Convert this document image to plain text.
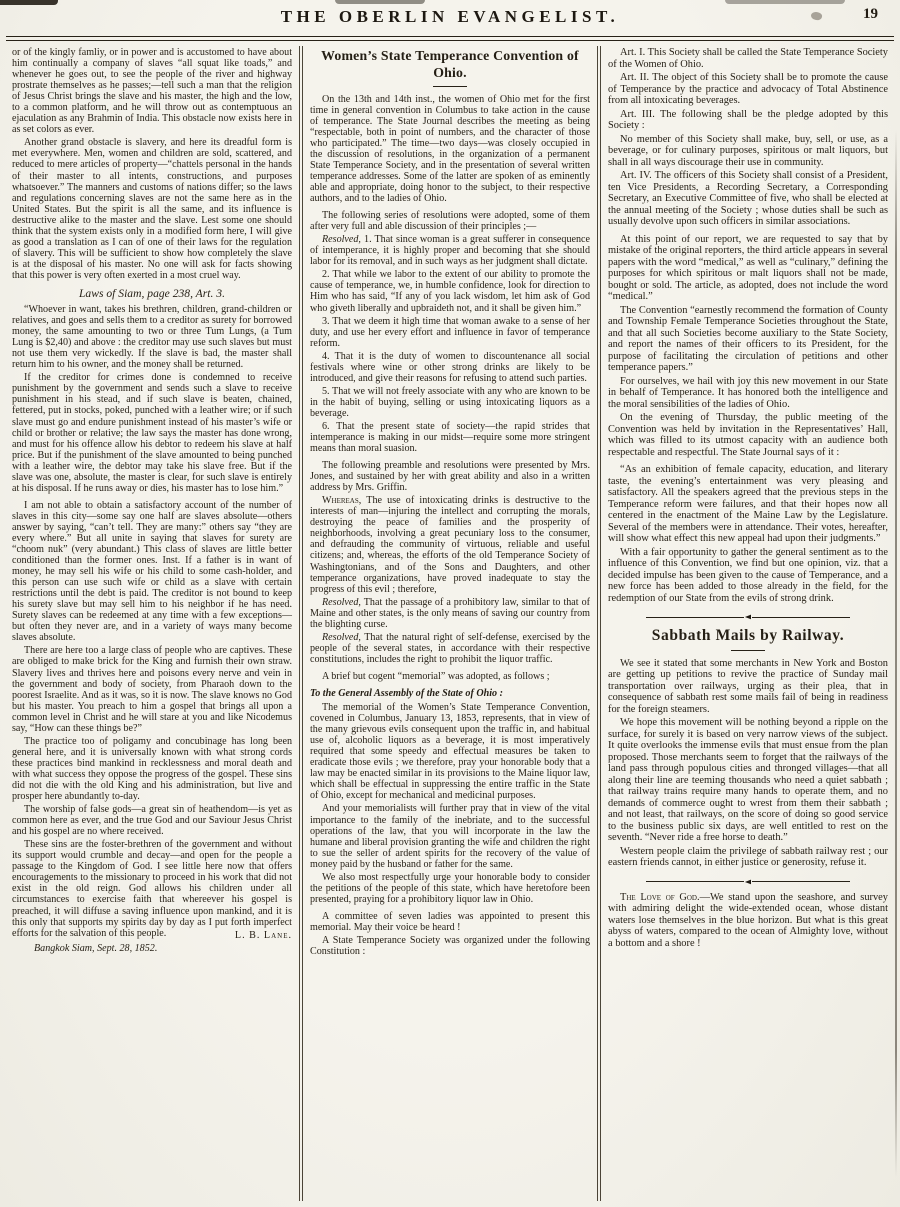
THE OBERLIN EVANGELIST.	19

or of the kingly famliy, or in power and is accustomed to have about him continually a company of slaves “all squat like toads,” and whenever he goes out, to see the people of the river and highway prostrate themselves as he passes;—tell such a man that the religion of Jesus Christ brings the slave and his master, the high and the low, to a common platform, and he will throw out as contemptuous an ejaculation as any Brahmin of India. This obstacle now exists here in as set colors as ever.

Another grand obstacle is slavery, and here its dreadful form is met everywhere. Men, women and children are sold, scattered, and reduced to mere articles of property—“chattels personal in the hands of their master to all intents, constructions, and purposes whatsoever.” The manners and customs of nations differ; so the laws and regulations concerning slaves are not the same here as in the United States. But the spirit is all the same, and its influence is destructive alike to the master and the slave. Lest some one should think that the system exists only in a modified form here, I will give as good a translation as I can of one of their laws for the regulation of slavery. This will be sufficient to show how completely the slave is at the disposal of his master. No one will ask for facts showing that this power is very often exerted in a most cruel way.

Laws of Siam, page 238, Art. 3.

“Whoever in want, takes his brethren, children, grand-children or relatives, and goes and sells them to a creditor as surety for borrowed money, the same amounting to two or three Tum Lungs, (a Tum Lung is $2,40) and above : the creditor may use such slaves but must not use them very wickedly. If the slave is bad, the master shall return him to his owner, and the money shall be returned.

If the creditor for crimes done is condemned to receive punishment by the government and sends such a slave to receive punishment in his stead, and if such slave is beaten, chained, fettered, put in stocks, poked, punched with a leather wire; or if such slave must go and endure punishment instead of his master’s wife or child or brother or relative; the law says the master has done wrong, and must for his offence allow his debtor to redeem his slave at half price. But if the punishment of the slave amounted to being punched with a leather wire, the debtor may take his slave free. But if the slave was one, absolute, the master is clear, for such slave is entirely at his disposal. If he runs away or dies, his master has to lose him.”

I am not able to obtain a satisfactory account of the number of slaves in this city—some say one half are slaves absolute—others answer by saying, “can’t tell. They are many:” others say “they are every where.” But all unite in saying that slaves for surety are “choom nuk” (very abundant.) This class of slaves are little better conditioned than the former ones. Inst. If a father is in want of money, he may sell his wife or his child to some cash-holder, and this person can use such wife or child as a slave with certain restrictions until the debt is paid. The creditor is not bound to keep his surety slave but may sell him to his neighbor if he has need. Surety slaves can be redeemed at any time with a few exceptions—but often they never are, and in a variety of ways many become slaves absolute.

There are here too a large class of people who are captives. These are obliged to make brick for the King and furnish their own straw. Slavery lives and thrives here and poisons every nerve and vein in the government and body of society, from Pharaoh down to the poorest Israelite. And as it was, so it is now. The slave knows no God but his master. You preach to him a gospel that brings all upon a common level in Christ and he will stare at you and like Nicodemus say, “How can these things be?”

The practice too of poligamy and concubinage has long been general here, and it is universally known with what strong cords these practices bind mankind in recklessness and moral death and with what success they oppose the progress of the gospel. These sins did not die with the old King and his administration, but live and prosper here abundantly to-day.

The worship of false gods—a great sin of heathendom—is yet as common here as ever, and the true God and our Saviour Jesus Christ and his gospel are no where received.

These sins are the foster-brethren of the government and without its support would crumble and decay—and open for the people a passage to the Kingdom of God. I see little here now that offers encouragements to the missionary to proceed in his work that did not exist in the old reign. God allows his children under all circumstances to exercise faith that whereever his gospel is preached, it will diffuse a saving influence upon mankind, and it is this only that supports my spirits day by day as I put forth imperfect efforts for the salvation of this people.	L. B. Lane.

Bangkok Siam, Sept. 28, 1852.

Women’s State Temperance Convention of Ohio.

On the 13th and 14th inst., the women of Ohio met for the first time in general convention in Columbus to take action in the cause of temperance. The State Journal describes the meeting as being “respectable, both in point of numbers, and the character of those who participated.” The time—two days—was closely occupied in the discussion of resolutions, in the organization of a permanent State Temperance Society, and in the presentation of several written temperance addresses. Some of the latter are spoken of as eminently able and appropriate, doing honor to the subject, to their respective authors, and to the ladies of Ohio.

The following series of resolutions were adopted, some of them after very full and able discussion of their principles ;—

Resolved, 1. That since woman is a great sufferer in consequence of intemperance, it is highly proper and becoming that she should labor for its removal, and in such ways as her judgment shall dictate.

2. That while we labor to the extent of our ability to promote the cause of temperance, we, in humble confidence, look for direction to Him who has said, “If any of you lack wisdom, let him ask of God who giveth liberally and upbraideth not, and it shall be given him.”

3. That we deem it high time that woman awake to a sense of her duty, and use her every effort and influence in favor of temperance reform.

4. That it is the duty of women to discountenance all social festivals where wine or other strong drinks are likely to be introduced, and give their reasons for refusing to attend such parties.

5. That we will not freely associate with any who are known to be in the habit of buying, selling or using intoxicating liquors as a beverage.

6. That the present state of society—the rapid strides that intemperance is making in our midst—require some more stringent means than moral suasion.

The following preamble and resolutions were presented by Mrs. Jones, and sustained by her with great ability and also in a written address by Mrs. Griffin.

Whereas, The use of intoxicating drinks is destructive to the interests of man—injuring the intellect and corrupting the morals, destroying the peace of families and the prosperity of neighborhoods, involving a great pecuniary loss to the consumer, and defrauding the community of virtuous, reliable and useful citizens; and, whereas, the efforts of the old Temperance Society of Washingtonians, and of the Sons and Daughters, and other temperance organizations, have proved inadequate to stay the progress of this evil ; therefore,

Resolved, That the passage of a prohibitory law, similar to that of Maine and other states, is the only means of saving our country from the blighting curse.

Resolved, That the natural right of self-defense, exercised by the people of the several states, in accordance with their respective constitutions, includes the right to prohibit the liquor traffic.

A brief but cogent “memorial” was adopted, as follows ;

To the General Assembly of the State of Ohio :

The memorial of the Women’s State Temperance Convention, covened in Columbus, January 13, 1853, represents, that in view of the many grievous evils consequent upon the traffic in, and habitual use of, alcoholic liquors as a beverage, it is most imperatively required that some speedy and effectual measures be taken to eradicate those evils ; we therefore, pray your honorable body that a law may be enacted similar in its provisions to the Maine liquor law, which shall be effectual in suppressing the entire traffic in the State of Ohio, except for mechanical and medicinal purposes.

And your memorialists will further pray that in view of the vital importance to the family of the inebriate, and to the successful operations of the law, that you will incorporate in the law the humane and liberal provision granting the wife and children the right to sue the seller of ardent spirits for the recovery of the value of money paid by the husband or father for the same.

We also most respectfully urge your honorable body to consider the petitions of the people of this state, which have heretofore been presented, praying for a prohibitory liquor law in Ohio.

A committee of seven ladies was appointed to present this memorial. May their voice be heard !

A State Temperance Society was organized under the following Constitution :

Art. I. This Society shall be called the State Temperance Society of the Women of Ohio.

Art. II. The object of this Society shall be to promote the cause of Temperance by the practice and advocacy of Total Abstinence from all intoxicating beverages.

Art. III. The following shall be the pledge adopted by this Society :

No member of this Society shall make, buy, sell, or use, as a beverage, or for culinary purposes, spiritous or malt liquors, but shall in all ways discourage their use in community.

Art. IV. The officers of this Society shall consist of a President, ten Vice Presidents, a Recording Secretary, a Corresponding Secretary, an Executive Committee of five, who shall be elected at the annual meeting of the Society ; whose duties shall be such as usually devolve upon such officers in similar associations.

At this point of our report, we are requested to say that by mistake of the original reporters, the third article appears in several papers with the word “medical,” as well as “culinary,” defining the purposes for which spiritous or malt liquors shall not be made, bought or sold. The article, as adopted, does not include the word “medical.”

The Convention “earnestly recommend the formation of County and Township Female Temperance Societies throughout the State, and that all such Societies become auxiliary to the State Society, and report the names of their officers to its President, for the purpose of facilitating the circulation of petitions and other temperance papers.”

For ourselves, we hail with joy this new movement in our State in behalf of Temperance. It has honored both the intelligence and the moral sensibilities of the ladies of Ohio.

On the evening of Thursday, the public meeting of the Convention was held by invitation in the Representatives’ Hall, which was filled to its utmost capacity with an audience both respectable and respectful. The State Journal says of it :

“As an exhibition of female capacity, education, and literary taste, the evening’s entertainment was very pleasing and satisfactory. All the speakers agreed that the previous steps in the Temperance reform were failures, and that their hopes now all centered in the enactment of the Maine Law by the Legislature. Several of the members were in attendance. Their votes, hereafter, will show what effect this new appeal had upon their judgments.”

With a fair opportunity to gather the general sentiment as to the influence of this Convention, we find but one opinion, viz. that a decided impulse has been given to the cause of Temperance, and a new force has been added to those already in the field, for the redemption of our State from the evils of strong drink.

◀

Sabbath Mails by Railway.

We see it stated that some merchants in New York and Boston are getting up petitions to revive the practice of Sunday mail transportation over railways, urging as their plea, that in consequence of sabbath rest some mails fail of being in readiness for the foreign steamers.

We hope this movement will be nothing beyond a ripple on the surface, for surely it is based on very narrow views of the subject. It quite overlooks the immense evils that must ensue from the plan proposed. Those merchants seem to forget that the railways of the land pass through populous cities and thronged villages—that all along their line are teeming thousands who need a quiet sabbath ; that railway trains require many hands to operate them, and no demands of commerce ought to wrest from them their sabbath ; and not least, that railways, on the score of doing so good service to the business public six days, are well entitled to rest on the seventh. “Never ride a free horse to death.”

Western people claim the privilege of sabbath railway rest ; our eastern friends cannot, in either justice or generosity, refuse it.

◀

The Love of God.—We stand upon the seashore, and survey with admiring delight the wide-extended ocean, whose distant waters lose themselves in the blue horizon. But what is this great abyss of waters, compared to the ocean of Almighty love, without a bottom and a shore !
